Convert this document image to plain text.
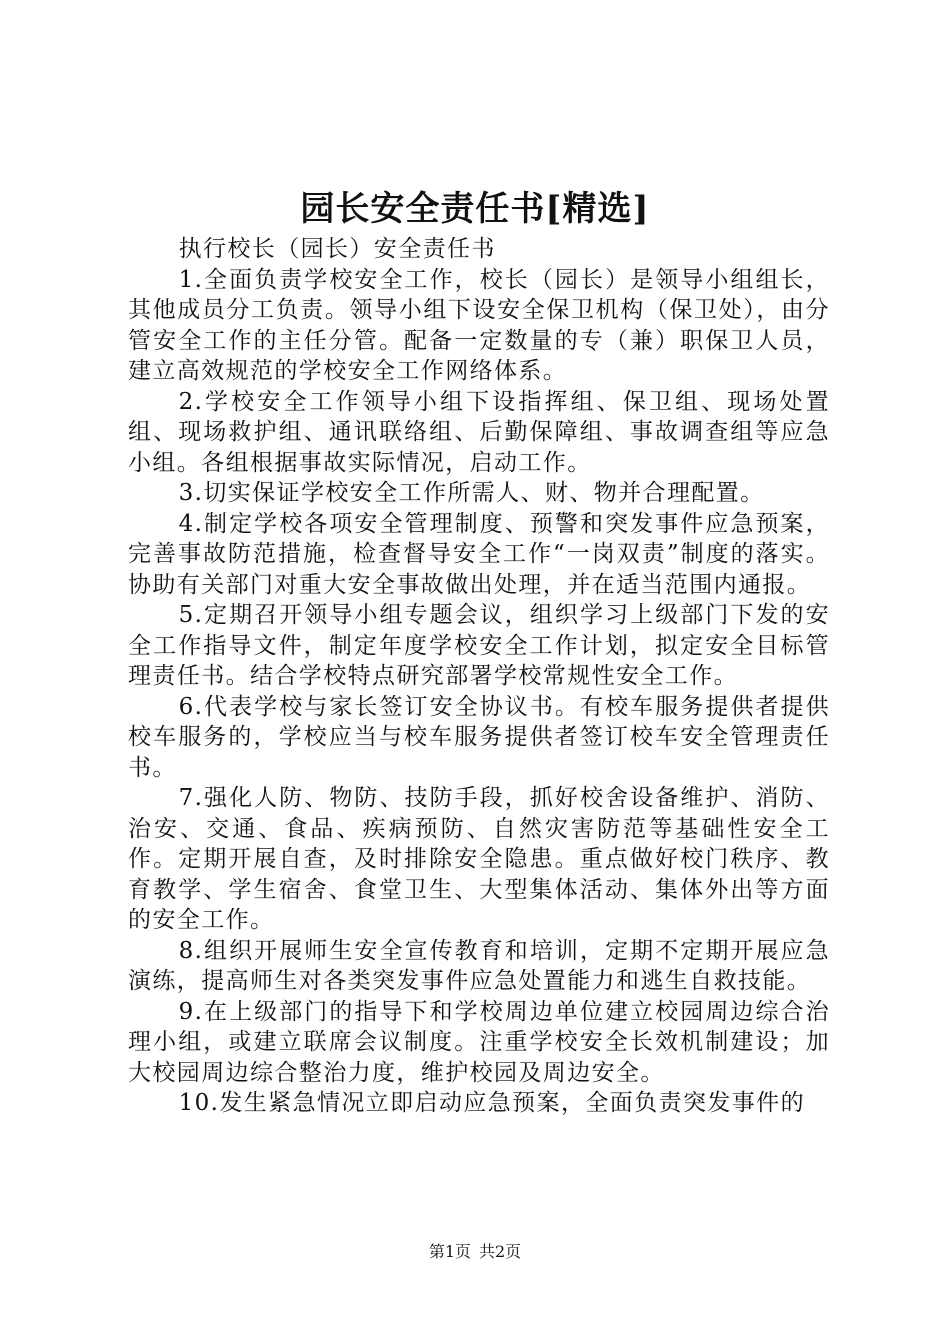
园长安全责任书[精选]

执行校长（园长）安全责任书

1.全面负责学校安全工作，校长（园长）是领导小组组长，其他成员分工负责。领导小组下设安全保卫机构（保卫处），由分管安全工作的主任分管。配备一定数量的专（兼）职保卫人员，建立高效规范的学校安全工作网络体系。

2.学校安全工作领导小组下设指挥组、保卫组、现场处置组、现场救护组、通讯联络组、后勤保障组、事故调查组等应急小组。各组根据事故实际情况，启动工作。

3.切实保证学校安全工作所需人、财、物并合理配置。

4.制定学校各项安全管理制度、预警和突发事件应急预案，完善事故防范措施，检查督导安全工作“一岗双责”制度的落实。协助有关部门对重大安全事故做出处理，并在适当范围内通报。

5.定期召开领导小组专题会议，组织学习上级部门下发的安全工作指导文件，制定年度学校安全工作计划，拟定安全目标管理责任书。结合学校特点研究部署学校常规性安全工作。

6.代表学校与家长签订安全协议书。有校车服务提供者提供校车服务的，学校应当与校车服务提供者签订校车安全管理责任书。

7.强化人防、物防、技防手段，抓好校舍设备维护、消防、治安、交通、食品、疾病预防、自然灾害防范等基础性安全工作。定期开展自查，及时排除安全隐患。重点做好校门秩序、教育教学、学生宿舍、食堂卫生、大型集体活动、集体外出等方面的安全工作。

8.组织开展师生安全宣传教育和培训，定期不定期开展应急演练，提高师生对各类突发事件应急处置能力和逃生自救技能。

9.在上级部门的指导下和学校周边单位建立校园周边综合治理小组，或建立联席会议制度。注重学校安全长效机制建设；加大校园周边综合整治力度，维护校园及周边安全。

10.发生紧急情况立即启动应急预案，全面负责突发事件的

第1页 共2页
